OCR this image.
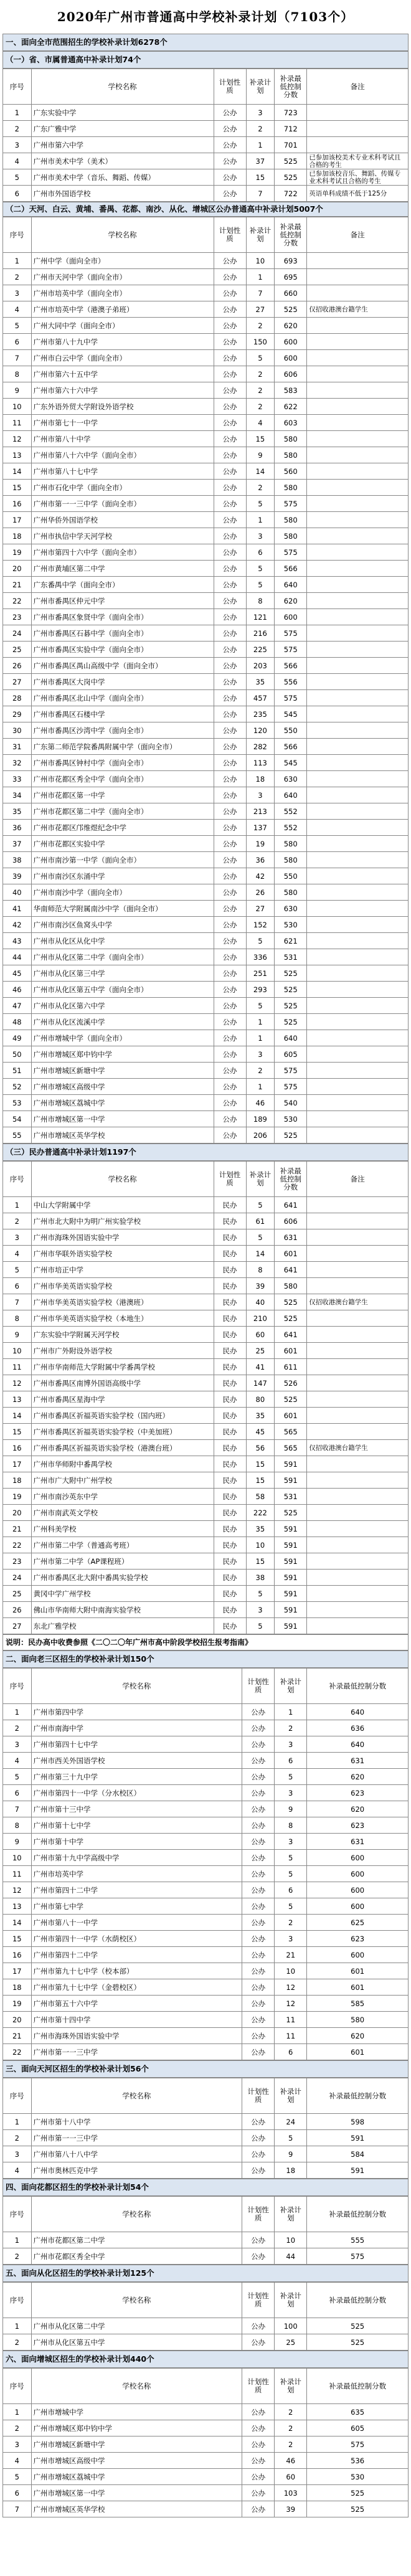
2020年广州市普通高中学校补录计划（7103个）
一、面向全市范围招生的学校补录计划6278个
（一）省、市属普通高中补录计划74个
序号	学校名称	计划性质	补录计划	补录最低控制分数	备注
1	广东实验中学	公办	3	723	
2	广东广雅中学	公办	2	712	
3	广州市第六中学	公办	1	701	
4	广州市美术中学（美术）	公办	37	525	已参加该校美术专业术科考试且合格的考生
5	广州市美术中学（音乐、舞蹈、传媒）	公办	15	525	已参加该校音乐、舞蹈、传媒专业术科考试且合格的考生
6	广州市外国语学校	公办	7	722	英语单科成绩不低于125分
（二）天河、白云、黄埔、番禺、花都、南沙、从化、增城区公办普通高中补录计划5007个
序号	学校名称	计划性质	补录计划	补录最低控制分数	备注
1	广州中学（面向全市）	公办	10	693	
2	广州市天河中学（面向全市）	公办	1	695	
3	广州市培英中学（面向全市）	公办	7	660	
4	广州市培英中学（港澳子弟班）	公办	27	525	仅招收港澳台籍学生
5	广州大同中学（面向全市）	公办	2	620	
6	广州市第八十九中学	公办	150	600	
7	广州市白云中学（面向全市）	公办	5	600	
8	广州市第六十五中学	公办	2	606	
9	广州市第六十六中学	公办	2	583	
10	广东外语外贸大学附设外语学校	公办	2	622	
11	广州市第七十一中学	公办	4	603	
12	广州市第八十中学	公办	15	580	
13	广州市第八十六中学（面向全市）	公办	9	580	
14	广州市第八十七中学	公办	14	560	
15	广州市石化中学（面向全市）	公办	2	580	
16	广州市第一一三中学（面向全市）	公办	5	575	
17	广州华侨外国语学校	公办	1	580	
18	广州市执信中学天河学校	公办	3	580	
19	广州市第四十六中学（面向全市）	公办	6	575	
20	广州市黄埔区第二中学	公办	5	566	
21	广东番禺中学（面向全市）	公办	5	640	
22	广州市番禺区仲元中学	公办	8	620	
23	广州市番禺区象贤中学（面向全市）	公办	121	600	
24	广州市番禺区石碁中学（面向全市）	公办	216	575	
25	广州市番禺区实验中学（面向全市）	公办	225	575	
26	广州市番禺区禺山高级中学（面向全市）	公办	203	566	
27	广州市番禺区大岗中学	公办	35	556	
28	广州市番禺区北山中学（面向全市）	公办	457	575	
29	广州市番禺区石楼中学	公办	235	545	
30	广州市番禺区沙湾中学（面向全市）	公办	120	550	
31	广东第二师范学院番禺附属中学（面向全市）	公办	282	566	
32	广州市番禺区钟村中学（面向全市）	公办	113	545	
33	广州市花都区秀全中学（面向全市）	公办	18	630	
34	广州市花都区第一中学	公办	3	640	
35	广州市花都区第二中学（面向全市）	公办	213	552	
36	广州市花都区邝维煜纪念中学	公办	137	552	
37	广州市花都区实验中学	公办	19	580	
38	广州市南沙第一中学（面向全市）	公办	36	580	
39	广州市南沙区东涌中学	公办	42	550	
40	广州市南沙中学（面向全市）	公办	26	580	
41	华南师范大学附属南沙中学（面向全市）	公办	27	630	
42	广州市南沙区鱼窝头中学	公办	152	530	
43	广州市从化区从化中学	公办	5	621	
44	广州市从化区第二中学（面向全市）	公办	336	531	
45	广州市从化区第三中学	公办	251	525	
46	广州市从化区第五中学（面向全市）	公办	293	525	
47	广州市从化区第六中学	公办	5	525	
48	广州市从化区流溪中学	公办	1	525	
49	广州市增城中学（面向全市）	公办	1	640	
50	广州市增城区郑中钧中学	公办	3	605	
51	广州市增城区新塘中学	公办	2	575	
52	广州市增城区高级中学	公办	1	575	
53	广州市增城区荔城中学	公办	46	540	
54	广州市增城区第一中学	公办	189	530	
55	广州市增城区英华学校	公办	206	525	
（三）民办普通高中补录计划1197个
序号	学校名称	计划性质	补录计划	补录最低控制分数	备注
1	中山大学附属中学	民办	5	641	
2	广州市北大附中为明广州实验学校	民办	61	606	
3	广州市海珠外国语实验中学	民办	5	631	
4	广州市华联外语实验学校	民办	14	601	
5	广州市培正中学	民办	8	641	
6	广州市华美英语实验学校	民办	39	580	
7	广州市华美英语实验学校（港澳班）	民办	40	525	仅招收港澳台籍学生
8	广州市华美英语实验学校（本地生）	民办	210	525	
9	广东实验中学附属天河学校	民办	60	641	
10	广州市广外附设外语学校	民办	25	601	
11	广州市华南师范大学附属中学番禺学校	民办	41	611	
12	广州市番禺区南博外国语高级中学	民办	147	526	
13	广州市番禺区星海中学	民办	80	525	
14	广州市番禺区祈福英语实验学校（国内班）	民办	35	601	
15	广州市番禺区祈福英语实验学校（中美加班）	民办	45	565	
16	广州市番禺区祈福英语实验学校（港澳台班）	民办	56	565	仅招收港澳台籍学生
17	广州市华师附中番禺学校	民办	15	591	
18	广州市广大附中广州学校	民办	15	591	
19	广州市南沙英东中学	民办	58	531	
20	广州市南武英文学校	民办	222	525	
21	广州科美学校	民办	35	591	
22	广州市第二中学（普通高考班）	民办	10	591	
23	广州市第二中学（AP课程班）	民办	15	591	
24	广州市番禺区北大附中番禺实验学校	民办	38	591	
25	黄冈中学广州学校	民办	5	591	
26	佛山市华南师大附中南海实验学校	民办	3	591	
27	东北广雅学校	民办	5	591	
说明：民办高中收费参照《二〇二〇年广州市高中阶段学校招生报考指南》
二、面向老三区招生的学校补录计划150个
序号	学校名称	计划性质	补录计划	补录最低控制分数	
1	广州市第四中学	公办	1	640	
2	广州市南海中学	公办	2	636	
3	广州市第四十七中学	公办	3	640	
4	广州市西关外国语学校	公办	6	631	
5	广州市第三十九中学	公办	5	620	
6	广州市第四十一中学（分水校区）	公办	3	623	
7	广州市第十三中学	公办	9	620	
8	广州市第十七中学	公办	8	623	
9	广州市第十中学	公办	3	631	
10	广州市第十九中学高级中学	公办	5	600	
11	广州市培英中学	公办	5	600	
12	广州市第四十二中学	公办	6	600	
13	广州市第七中学	公办	5	600	
14	广州市第八十一中学	公办	2	625	
15	广州市第四十一中学（水荫校区）	公办	3	623	
16	广州市第四十二中学	公办	21	600	
17	广州市第九十七中学（校本部）	公办	10	601	
18	广州市第九十七中学（金碧校区）	公办	12	601	
19	广州市第五十六中学	公办	12	585	
20	广州市第十四中学	公办	11	580	
21	广州市海珠外国语实验中学	公办	11	620	
22	广州市第一一三中学	公办	6	601	
三、面向天河区招生的学校补录计划56个
序号	学校名称	计划性质	补录计划	补录最低控制分数	
1	广州市第十八中学	公办	24	598	
2	广州市第一一三中学	公办	5	591	
3	广州市第八十八中学	公办	9	584	
4	广州市奥林匹克中学	公办	18	591	
四、面向花都区招生的学校补录计划54个
序号	学校名称	计划性质	补录计划	补录最低控制分数	
1	广州市花都区第二中学	公办	10	555	
2	广州市花都区秀全中学	公办	44	575	
五、面向从化区招生的学校补录计划125个
序号	学校名称	计划性质	补录计划	补录最低控制分数	
1	广州市从化区第二中学	公办	100	525	
2	广州市从化区第五中学	公办	25	525	
六、面向增城区招生的学校补录计划440个
序号	学校名称	计划性质	补录计划	补录最低控制分数	
1	广州市增城中学	公办	2	635	
2	广州市增城区郑中钧中学	公办	2	605	
3	广州市增城区新塘中学	公办	2	575	
4	广州市增城区高级中学	公办	46	536	
5	广州市增城区荔城中学	公办	60	530	
6	广州市增城区第一中学	公办	103	525	
7	广州市增城区英华学校	公办	39	525	
